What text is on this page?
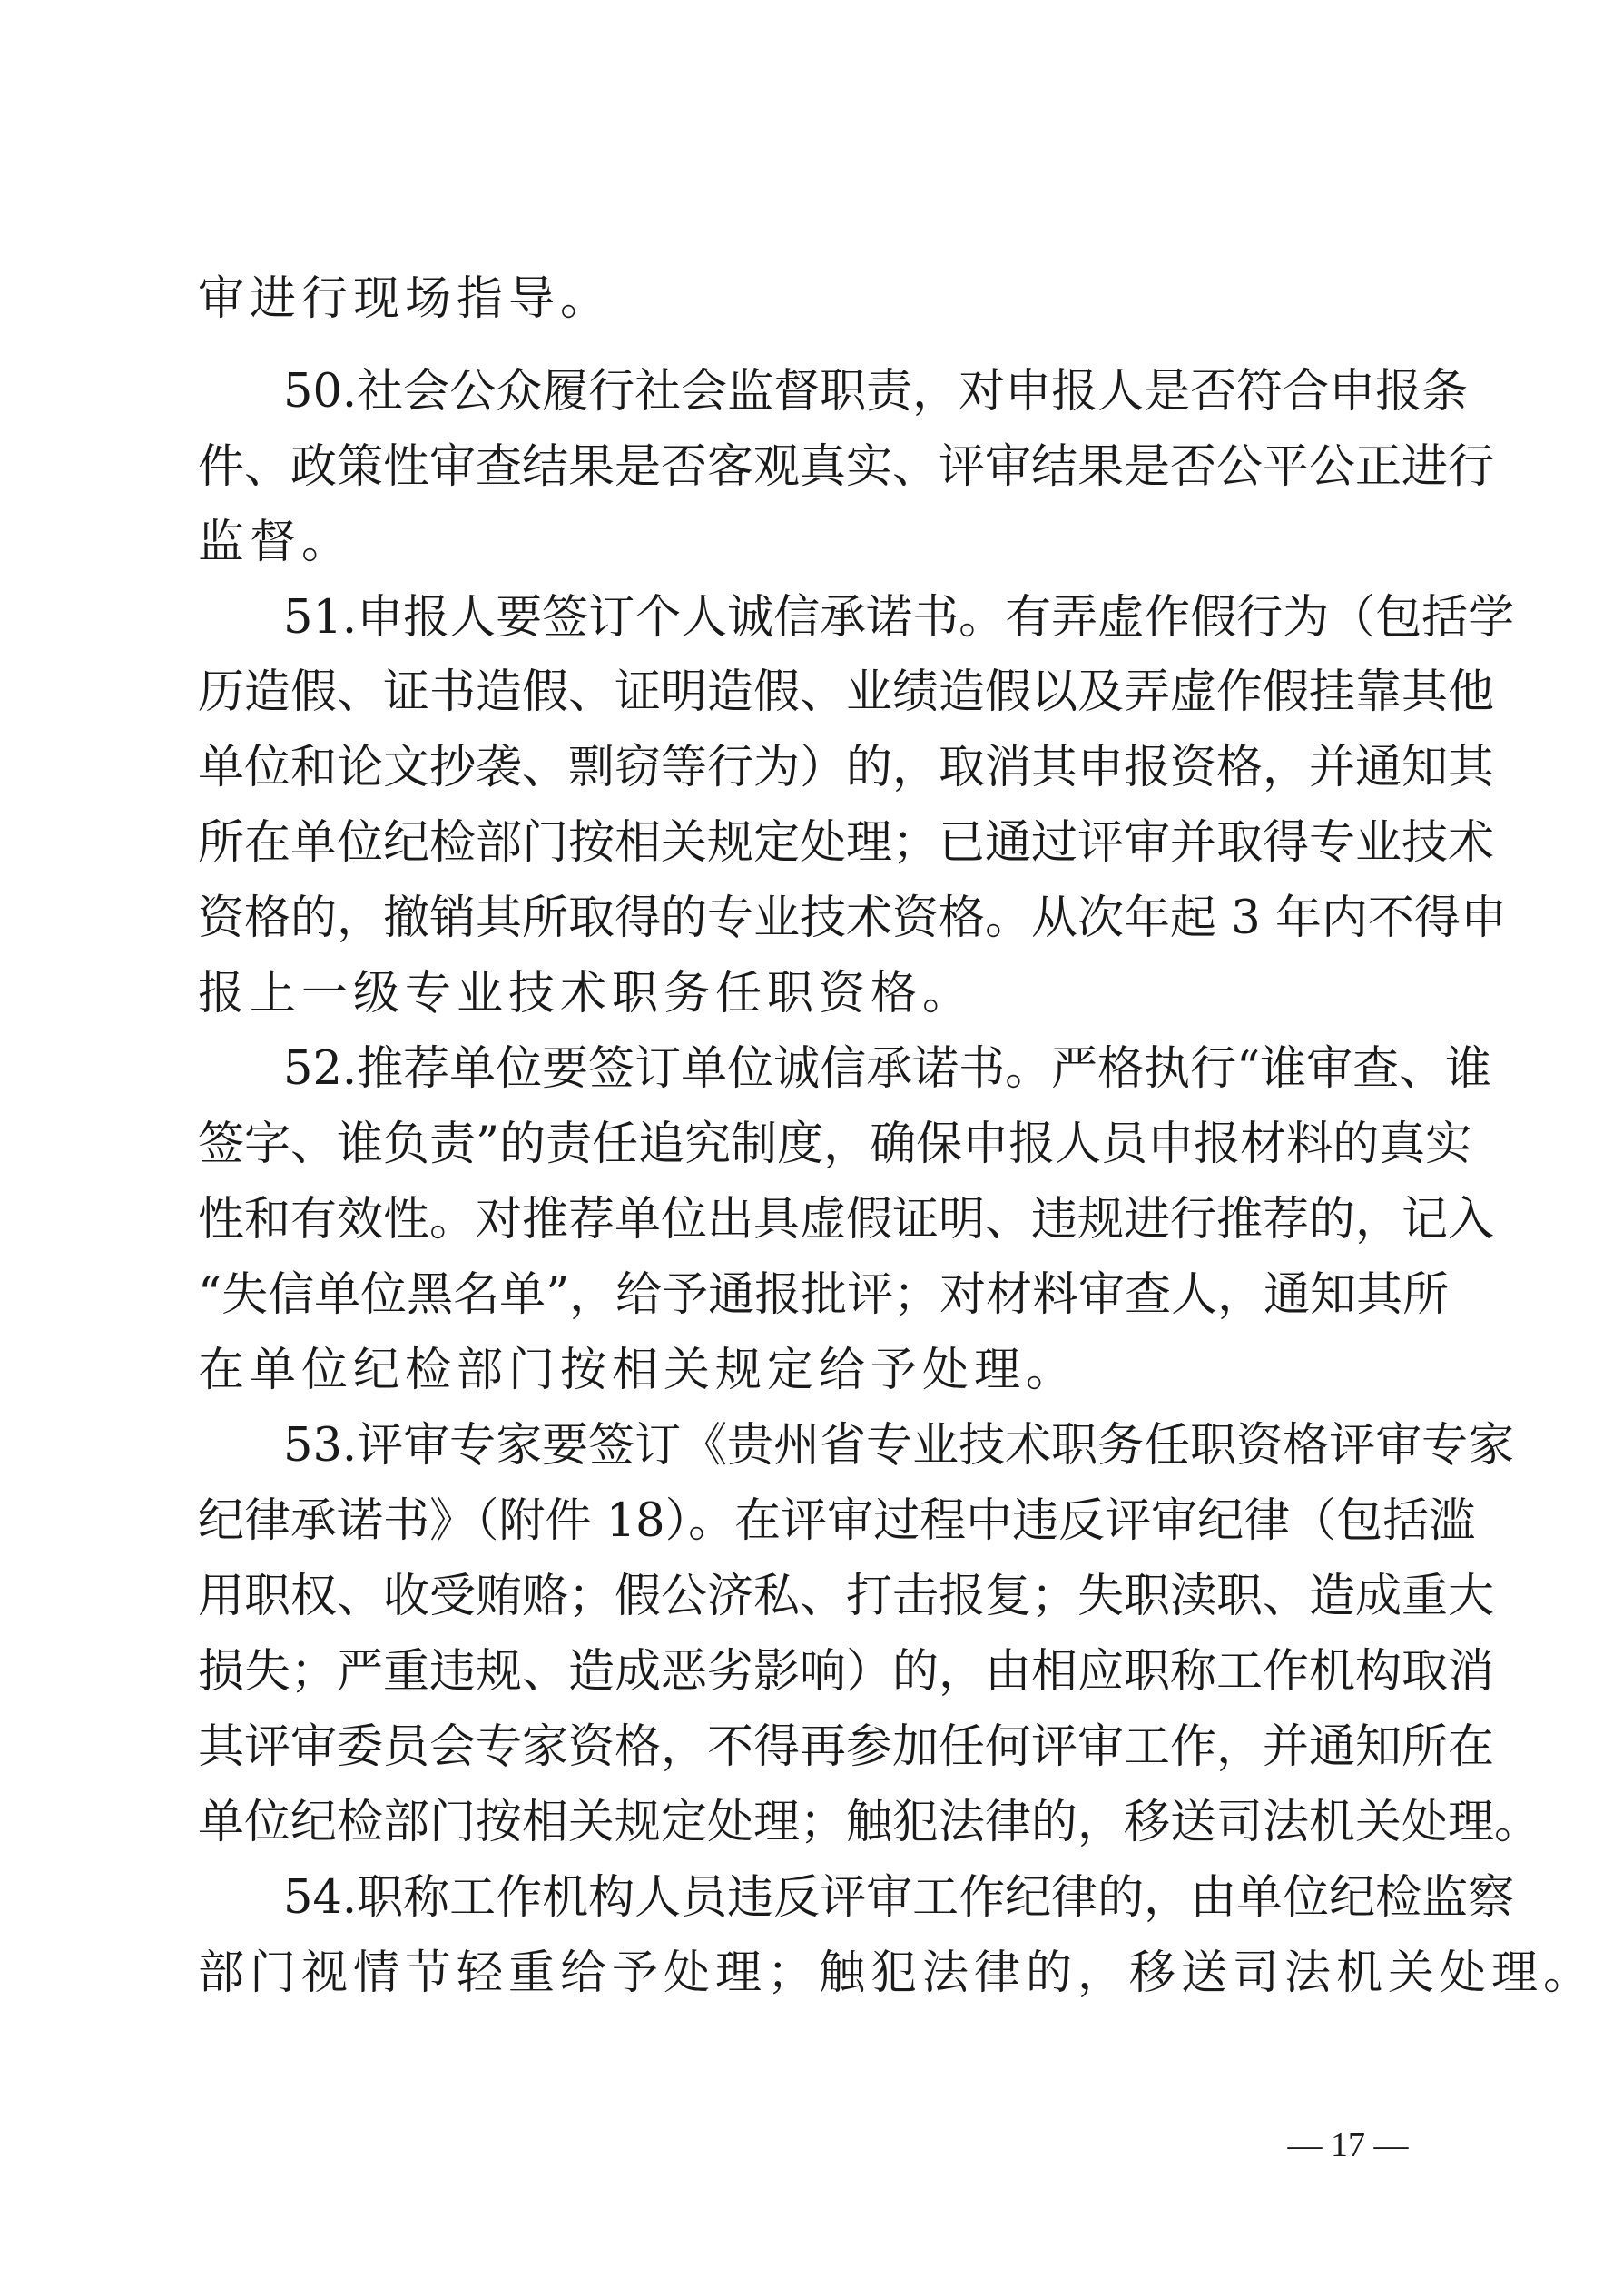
审进行现场指导。
50.社会公众履行社会监督职责，对申报人是否符合申报条
件、政策性审查结果是否客观真实、评审结果是否公平公正进行
监督。
51.申报人要签订个人诚信承诺书。有弄虚作假行为（包括学
历造假、证书造假、证明造假、业绩造假以及弄虚作假挂靠其他
单位和论文抄袭、剽窃等行为）的，取消其申报资格，并通知其
所在单位纪检部门按相关规定处理；已通过评审并取得专业技术
资格的，撤销其所取得的专业技术资格。从次年起 3 年内不得申
报上一级专业技术职务任职资格。
52.推荐单位要签订单位诚信承诺书。严格执行“谁审查、谁
签字、谁负责”的责任追究制度，确保申报人员申报材料的真实
性和有效性。对推荐单位出具虚假证明、违规进行推荐的，记入
“失信单位黑名单”，给予通报批评；对材料审查人，通知其所
在单位纪检部门按相关规定给予处理。
53.评审专家要签订《贵州省专业技术职务任职资格评审专家
纪律承诺书》（附件 18）。在评审过程中违反评审纪律（包括滥
用职权、收受贿赂；假公济私、打击报复；失职渎职、造成重大
损失；严重违规、造成恶劣影响）的，由相应职称工作机构取消
其评审委员会专家资格，不得再参加任何评审工作，并通知所在
单位纪检部门按相关规定处理；触犯法律的，移送司法机关处理。
54.职称工作机构人员违反评审工作纪律的，由单位纪检监察
部门视情节轻重给予处理；触犯法律的，移送司法机关处理。
— 17 —
